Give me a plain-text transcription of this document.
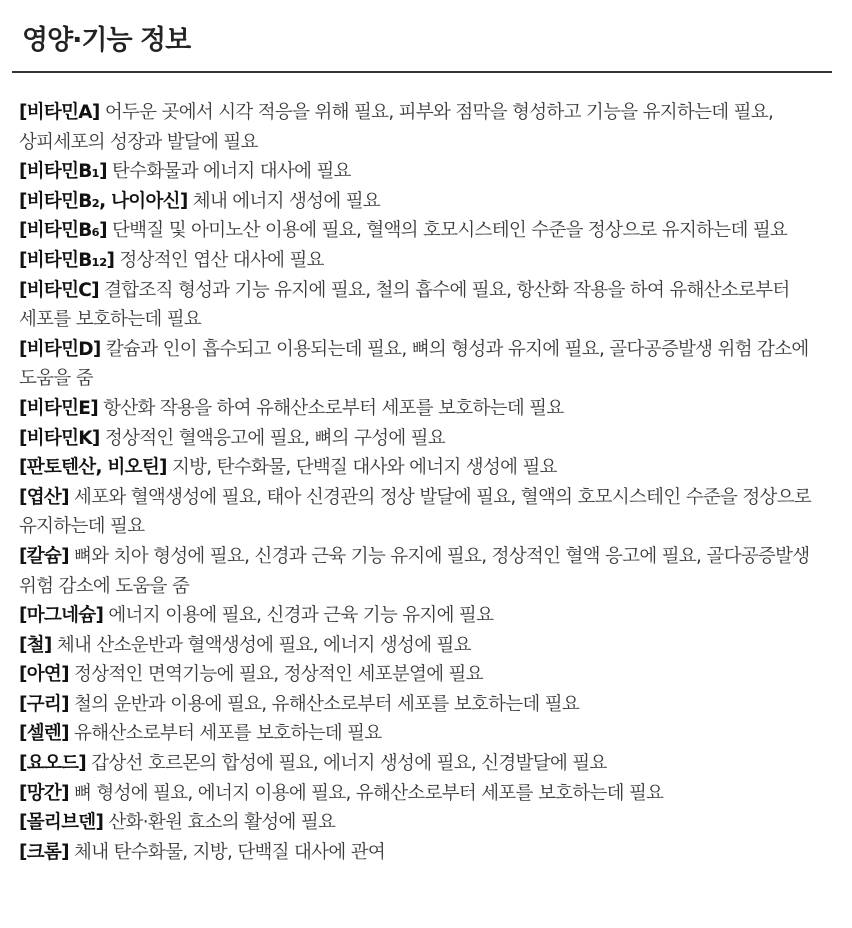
영양·기능 정보
[비타민A] 어두운 곳에서 시각 적응을 위해 필요, 피부와 점막을 형성하고 기능을 유지하는데 필요, 상피세포의 성장과 발달에 필요
[비타민B₁] 탄수화물과 에너지 대사에 필요
[비타민B₂, 나이아신] 체내 에너지 생성에 필요
[비타민B₆] 단백질 및 아미노산 이용에 필요, 혈액의 호모시스테인 수준을 정상으로 유지하는데 필요
[비타민B₁₂] 정상적인 엽산 대사에 필요
[비타민C] 결합조직 형성과 기능 유지에 필요, 철의 흡수에 필요, 항산화 작용을 하여 유해산소로부터 세포를 보호하는데 필요
[비타민D] 칼슘과 인이 흡수되고 이용되는데 필요, 뼈의 형성과 유지에 필요, 골다공증발생 위험 감소에 도움을 줌
[비타민E] 항산화 작용을 하여 유해산소로부터 세포를 보호하는데 필요
[비타민K] 정상적인 혈액응고에 필요, 뼈의 구성에 필요
[판토텐산, 비오틴] 지방, 탄수화물, 단백질 대사와 에너지 생성에 필요
[엽산] 세포와 혈액생성에 필요, 태아 신경관의 정상 발달에 필요, 혈액의 호모시스테인 수준을 정상으로 유지하는데 필요
[칼슘] 뼈와 치아 형성에 필요, 신경과 근육 기능 유지에 필요, 정상적인 혈액 응고에 필요, 골다공증발생 위험 감소에 도움을 줌
[마그네슘] 에너지 이용에 필요, 신경과 근육 기능 유지에 필요
[철] 체내 산소운반과 혈액생성에 필요, 에너지 생성에 필요
[아연] 정상적인 면역기능에 필요, 정상적인 세포분열에 필요
[구리] 철의 운반과 이용에 필요, 유해산소로부터 세포를 보호하는데 필요
[셀렌] 유해산소로부터 세포를 보호하는데 필요
[요오드] 갑상선 호르몬의 합성에 필요, 에너지 생성에 필요, 신경발달에 필요
[망간] 뼈 형성에 필요, 에너지 이용에 필요, 유해산소로부터 세포를 보호하는데 필요
[몰리브덴] 산화·환원 효소의 활성에 필요
[크롬] 체내 탄수화물, 지방, 단백질 대사에 관여
